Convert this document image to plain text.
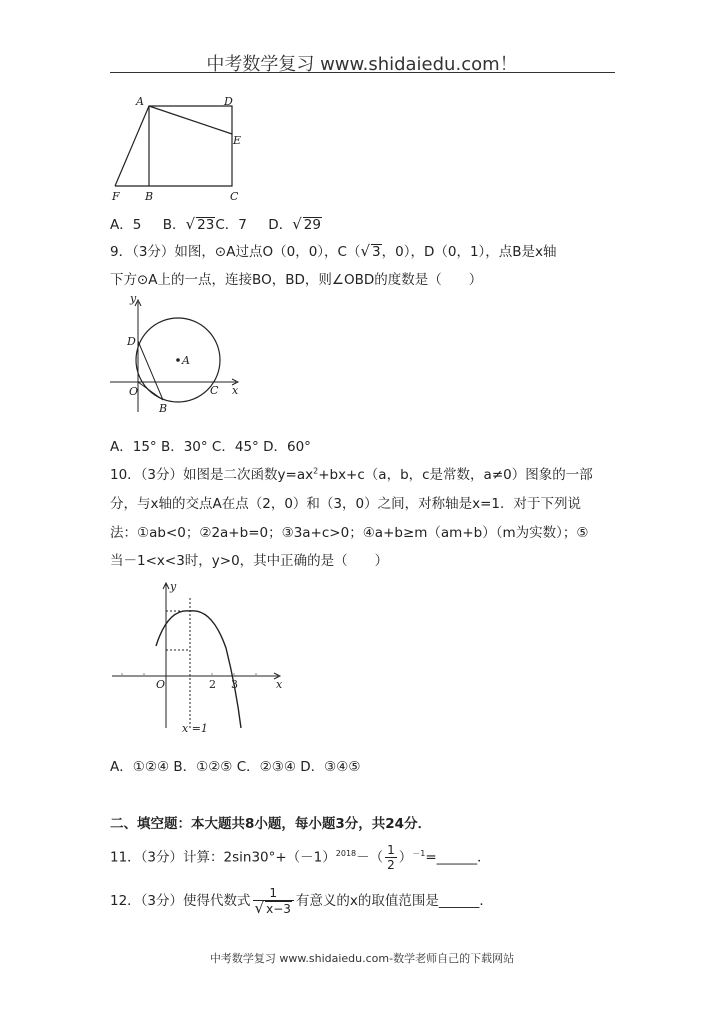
中考数学复习 www.shidaiedu.com！
A	D
E
F B	C
A．5 B．√ 23C．7 D．√ 29
9．（3分）如图，⊙A过点O（0，0），C（√ 3，0），D（0，1），点B是x轴
下方⊙A上的一点，连接BO，BD，则∠OBD的度数是（　　）
y
D
A
O	C x
B
A．15° B．30° C．45° D．60°
10．（3分）如图是二次函数$y=ax^2+bx+c(a$，b，c是常数，a≠0）图象的一部
分，与x轴的交点A在点（2，0）和（3，0）之间，对称轴是x=1．对于下列说
法：①ab<0；②2a+b=0；③3a+c>0；④a+b≥m（am+b）（m为实数）；⑤
当－1<x<3时，y>0，其中正确的是（　　）
y
O	2 3	x
x =1
A．①②④ B．①②⑤ C．②③④ D．③④⑤
二、填空题：本大题共8小题，每小题3分，共24分．
11．（3分）计算：$2\sin 30^\circ+(-1)^{2018}-( \frac{1}{2}$ ）$^{-1}=\_\_\_\_\_\_$．
12．（3分）使得代数式 $\frac{1}{√ x-3}$ 有意义的x的取值范围是______．
中考数学复习 www.shidaiedu.com-数学老师自己的下载网站
